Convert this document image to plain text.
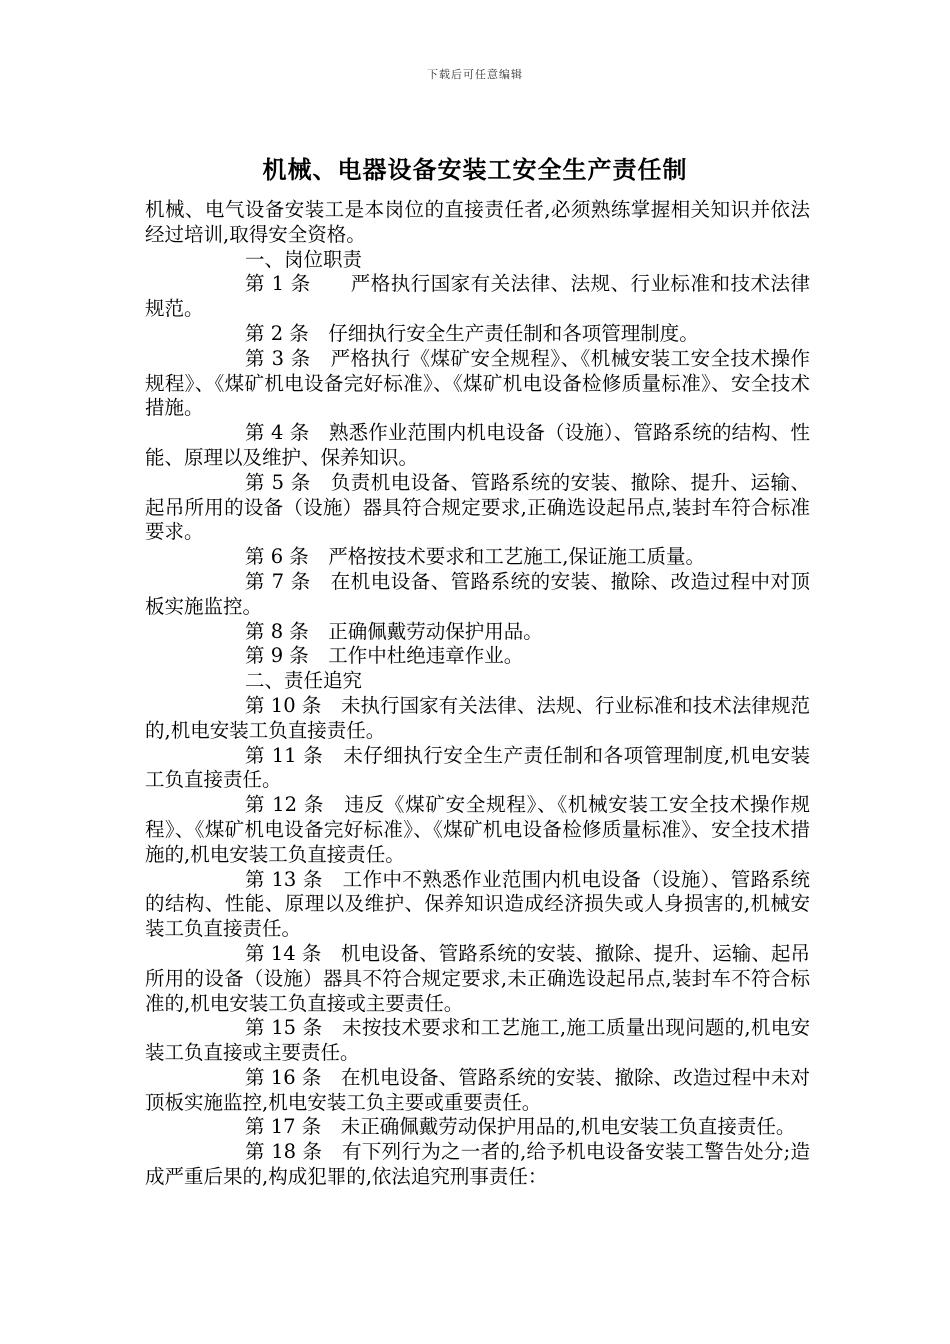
下载后可任意编辑
机械、电器设备安装工安全生产责任制

机械、电气设备安装工是本岗位的直接责任者,必须熟练掌握相关知识并依法经过培训,取得安全资格。

一、岗位职责

第 1 条　　严格执行国家有关法律、法规、行业标准和技术法律规范。

第 2 条　仔细执行安全生产责任制和各项管理制度。

第 3 条　严格执行《煤矿安全规程》、《机械安装工安全技术操作规程》、《煤矿机电设备完好标准》、《煤矿机电设备检修质量标准》、安全技术措施。

第 4 条　熟悉作业范围内机电设备（设施）、管路系统的结构、性能、原理以及维护、保养知识。

第 5 条　负责机电设备、管路系统的安装、撤除、提升、运输、起吊所用的设备（设施）器具符合规定要求,正确选设起吊点,装封车符合标准要求。

第 6 条　严格按技术要求和工艺施工,保证施工质量。

第 7 条　在机电设备、管路系统的安装、撤除、改造过程中对顶板实施监控。

第 8 条　正确佩戴劳动保护用品。

第 9 条　工作中杜绝违章作业。

二、责任追究

第 10 条　未执行国家有关法律、法规、行业标准和技术法律规范的,机电安装工负直接责任。

第 11 条　未仔细执行安全生产责任制和各项管理制度,机电安装工负直接责任。

第 12 条　违反《煤矿安全规程》、《机械安装工安全技术操作规程》、《煤矿机电设备完好标准》、《煤矿机电设备检修质量标准》、安全技术措施的,机电安装工负直接责任。

第 13 条　工作中不熟悉作业范围内机电设备（设施）、管路系统的结构、性能、原理以及维护、保养知识造成经济损失或人身损害的,机械安装工负直接责任。

第 14 条　机电设备、管路系统的安装、撤除、提升、运输、起吊所用的设备（设施）器具不符合规定要求,未正确选设起吊点,装封车不符合标准的,机电安装工负直接或主要责任。

第 15 条　未按技术要求和工艺施工,施工质量出现问题的,机电安装工负直接或主要责任。

第 16 条　在机电设备、管路系统的安装、撤除、改造过程中未对顶板实施监控,机电安装工负主要或重要责任。

第 17 条　未正确佩戴劳动保护用品的,机电安装工负直接责任。

第 18 条　有下列行为之一者的,给予机电设备安装工警告处分;造成严重后果的,构成犯罪的,依法追究刑事责任：
